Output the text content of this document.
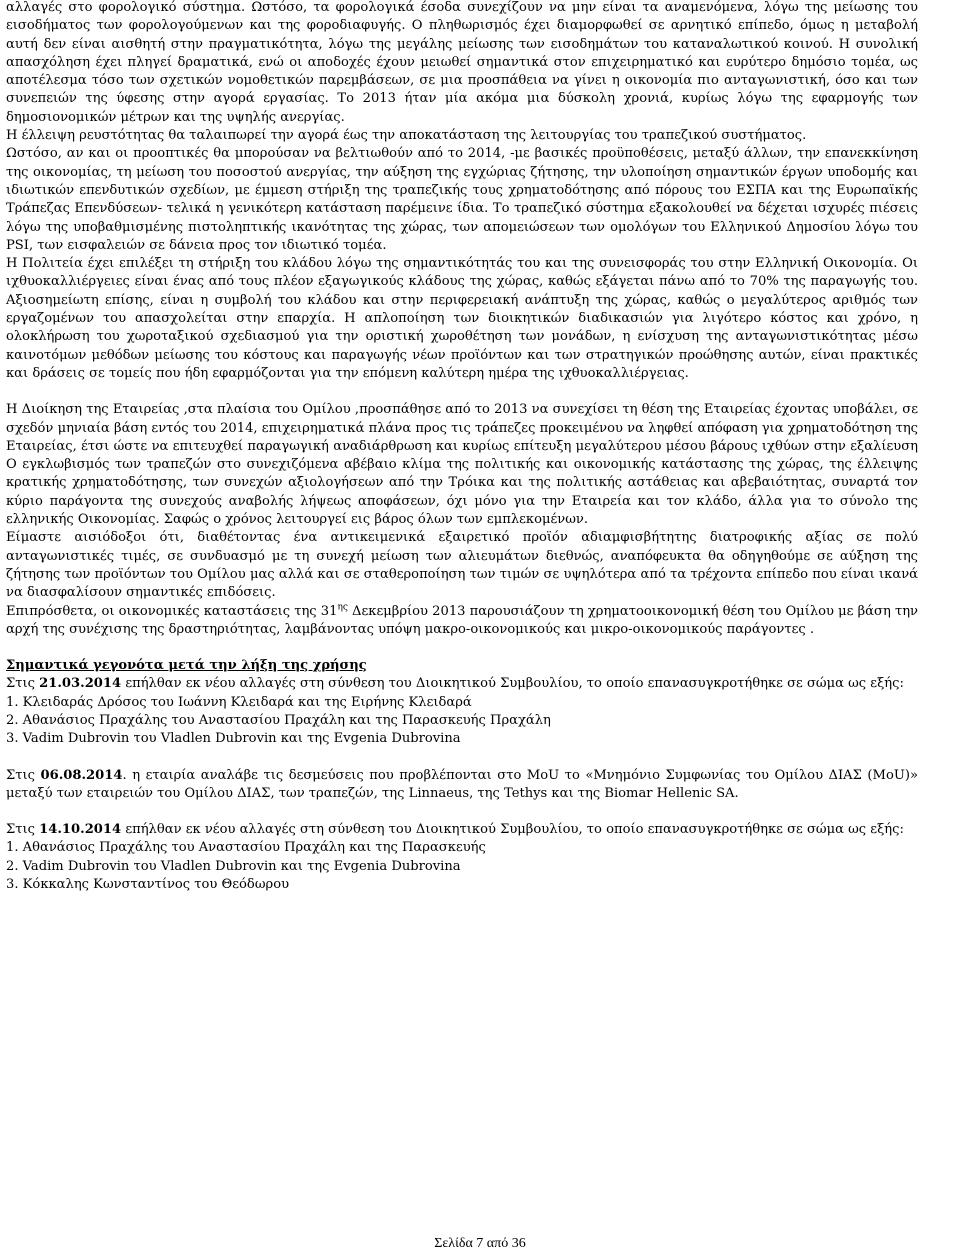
αλλαγές στο φορολογικό σύστημα. Ωστόσο, τα φορολογικά έσοδα συνεχίζουν να μην είναι τα αναμενόμενα, λόγω της μείωσης του εισοδήματος των φορολογούμενων και της φοροδιαφυγής. Ο πληθωρισμός έχει διαμορφωθεί σε αρνητικό επίπεδο, όμως η μεταβολή αυτή δεν είναι αισθητή στην πραγματικότητα, λόγω της μεγάλης μείωσης των εισοδημάτων του καταναλωτικού κοινού. Η συνολική απασχόληση έχει πληγεί δραματικά, ενώ οι αποδοχές έχουν μειωθεί σημαντικά στον επιχειρηματικό και ευρύτερο δημόσιο τομέα, ως αποτέλεσμα τόσο των σχετικών νομοθετικών παρεμβάσεων, σε μια προσπάθεια να γίνει η οικονομία πιο ανταγωνιστική, όσο και των συνεπειών της ύφεσης στην αγορά εργασίας. Το 2013 ήταν μία ακόμα μια δύσκολη χρονιά, κυρίως λόγω της εφαρμογής των δημοσιονομικών μέτρων και της υψηλής ανεργίας.

Η έλλειψη ρευστότητας θα ταλαιπωρεί την αγορά έως την αποκατάσταση της λειτουργίας του τραπεζικού συστήματος.

Ωστόσο, αν και οι προοπτικές θα μπορούσαν να βελτιωθούν από το 2014, -με βασικές προϋποθέσεις, μεταξύ άλλων, την επανεκκίνηση της οικονομίας, τη μείωση του ποσοστού ανεργίας, την αύξηση της εγχώριας ζήτησης, την υλοποίηση σημαντικών έργων υποδομής και ιδιωτικών επενδυτικών σχεδίων, με έμμεση στήριξη της τραπεζικής τους χρηματοδότησης από πόρους του ΕΣΠΑ και της Ευρωπαϊκής Τράπεζας Επενδύσεων- τελικά η γενικότερη κατάσταση παρέμεινε ίδια. Το τραπεζικό σύστημα εξακολουθεί να δέχεται ισχυρές πιέσεις λόγω της υποβαθμισμένης πιστοληπτικής ικανότητας της χώρας, των απομειώσεων των ομολόγων του Ελληνικού Δημοσίου λόγω του PSI, των εισφαλειών σε δάνεια προς τον ιδιωτικό τομέα.

Η Πολιτεία έχει επιλέξει τη στήριξη του κλάδου λόγω της σημαντικότητάς του και της συνεισφοράς του στην Ελληνική Οικονομία. Οι ιχθυοκαλλιέργειες είναι ένας από τους πλέον εξαγωγικούς κλάδους της χώρας, καθώς εξάγεται πάνω από το 70% της παραγωγής του. Αξιοσημείωτη επίσης, είναι η συμβολή του κλάδου και στην περιφερειακή ανάπτυξη της χώρας, καθώς ο μεγαλύτερος αριθμός των εργαζομένων του απασχολείται στην επαρχία. Η απλοποίηση των διοικητικών διαδικασιών για λιγότερο κόστος και χρόνο, η ολοκλήρωση του χωροταξικού σχεδιασμού για την οριστική χωροθέτηση των μονάδων, η ενίσχυση της ανταγωνιστικότητας μέσω καινοτόμων μεθόδων μείωσης του κόστους και παραγωγής νέων προϊόντων και των στρατηγικών προώθησης αυτών, είναι πρακτικές και δράσεις σε τομείς που ήδη εφαρμόζονται για την επόμενη καλύτερη ημέρα της ιχθυοκαλλιέργειας.

Η Διοίκηση της Εταιρείας ,στα πλαίσια του Ομίλου ,προσπάθησε από το 2013 να συνεχίσει τη θέση της Εταιρείας έχοντας υποβάλει, σε σχεδόν μηνιαία βάση εντός του 2014, επιχειρηματικά πλάνα προς τις τράπεζες προκειμένου να ληφθεί απόφαση για χρηματοδότηση της Εταιρείας, έτσι ώστε να επιτευχθεί παραγωγική αναδιάρθρωση και κυρίως επίτευξη μεγαλύτερου μέσου βάρους ιχθύων στην εξαλίευση Ο εγκλωβισμός των τραπεζών στο συνεχιζόμενα αβέβαιο κλίμα της πολιτικής και οικονομικής κατάστασης της χώρας, της έλλειψης κρατικής χρηματοδότησης, των συνεχών αξιολογήσεων από την Τρόικα και της πολιτικής αστάθειας και αβεβαιότητας, συναρτά τον κύριο παράγοντα της συνεχούς αναβολής λήψεως αποφάσεων, όχι μόνο για την Εταιρεία και τον κλάδο, άλλα για το σύνολο της ελληνικής Οικονομίας. Σαφώς ο χρόνος λειτουργεί εις βάρος όλων των εμπλεκομένων.

Είμαστε αισιόδοξοι ότι, διαθέτοντας ένα αντικειμενικά εξαιρετικό προϊόν αδιαμφισβήτητης διατροφικής αξίας σε πολύ ανταγωνιστικές τιμές, σε συνδυασμό με τη συνεχή μείωση των αλιευμάτων διεθνώς, αναπόφευκτα θα οδηγηθούμε σε αύξηση της ζήτησης των προϊόντων του Ομίλου μας αλλά και σε σταθεροποίηση των τιμών σε υψηλότερα από τα τρέχοντα επίπεδο που είναι ικανά να διασφαλίσουν σημαντικές επιδόσεις.

Επιπρόσθετα, οι οικονομικές καταστάσεις της $31^{\eta\varsigma}$ Δεκεμβρίου 2013 παρουσιάζουν τη χρηματοοικονομική θέση του Ομίλου με βάση την αρχή της συνέχισης της δραστηριότητας, λαμβάνοντας υπόψη μακρο-οικονομικούς και μικρο-οικονομικούς παράγοντες .

Σημαντικά γεγονότα μετά την λήξη της χρήσης

Στις 21.03.2014 επήλθαν εκ νέου αλλαγές στη σύνθεση του Διοικητικού Συμβουλίου, το οποίο επανασυγκροτήθηκε σε σώμα ως εξής:

1. Κλειδαράς Δρόσος του Ιωάννη Κλειδαρά και της Ειρήνης Κλειδαρά

2. Αθανάσιος Πραχάλης του Αναστασίου Πραχάλη και της Παρασκευής Πραχάλη

3. Vadim Dubrovin του Vladlen Dubrovin και της Evgenia Dubrovina

Στις 06.08.2014. η εταιρία αναλάβε τις δεσμεύσεις που προβλέπονται στο MoU το «Μνημόνιο Συμφωνίας του Ομίλου ΔΙΑΣ (MoU)» μεταξύ των εταιρειών του Ομίλου ΔΙΑΣ, των τραπεζών, της Linnaeus, της Tethys και της Biomar Hellenic SA.

Στις 14.10.2014 επήλθαν εκ νέου αλλαγές στη σύνθεση του Διοικητικού Συμβουλίου, το οποίο επανασυγκροτήθηκε σε σώμα ως εξής:

1. Αθανάσιος Πραχάλης του Αναστασίου Πραχάλη και της Παρασκευής

2. Vadim Dubrovin του Vladlen Dubrovin και της Evgenia Dubrovina

3. Κόκκαλης Κωνσταντίνος του Θεόδωρου

Σελίδα 7 από 36
